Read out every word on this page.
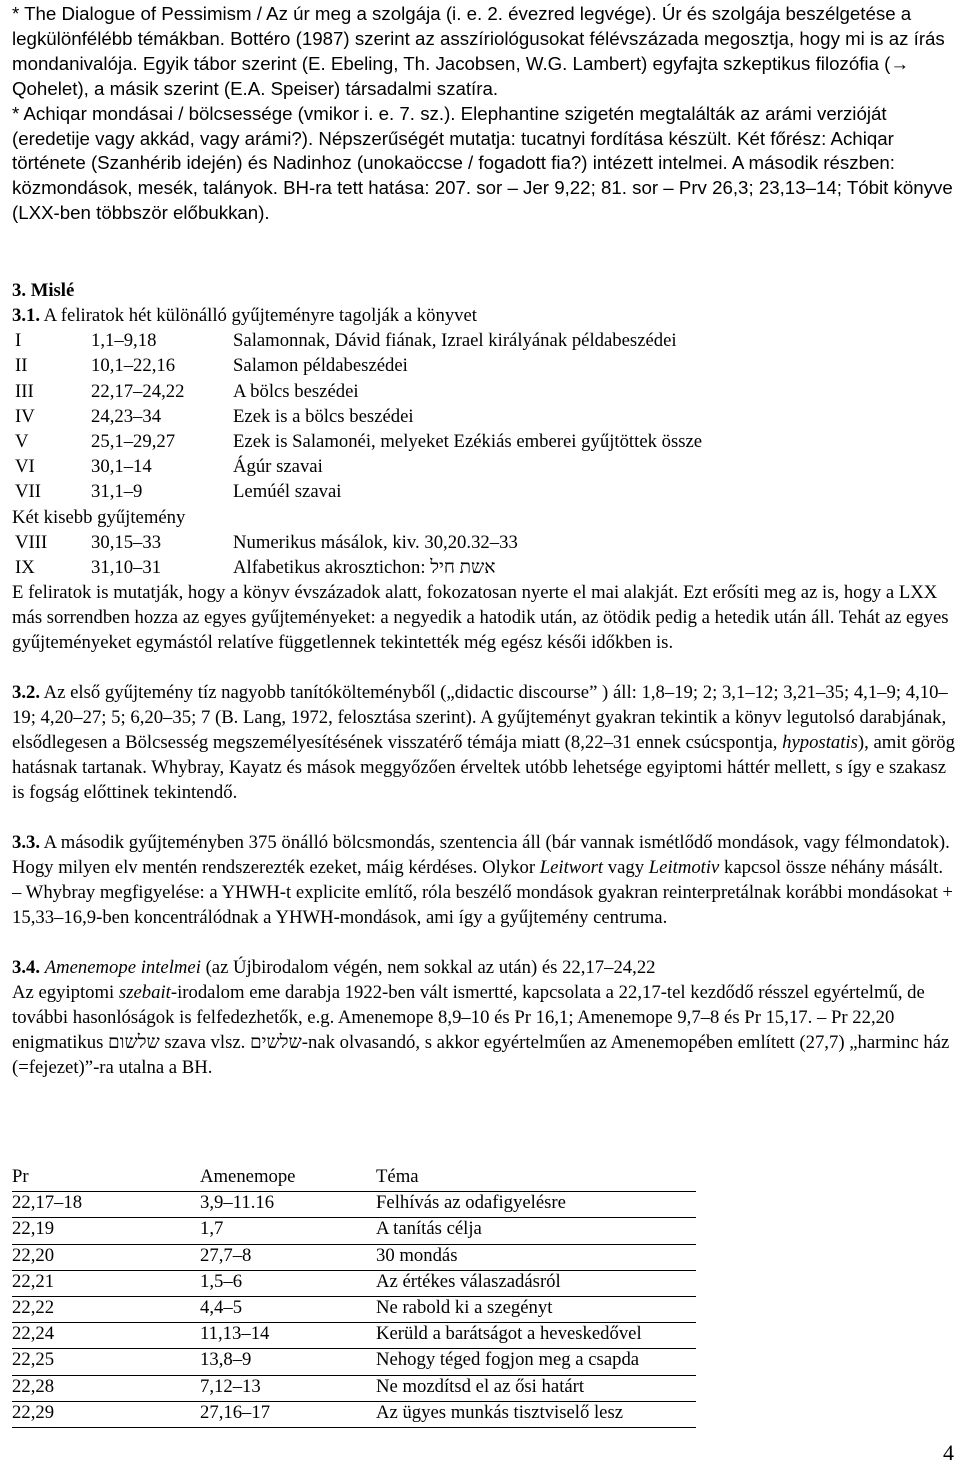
* The Dialogue of Pessimism / Az úr meg a szolgája (i. e. 2. évezred legvége). Úr és szolgája beszélgetése a legkülönfélébb témákban. Bottéro (1987) szerint az asszíriológusokat félévszázada megosztja, hogy mi is az írás mondanivalója. Egyik tábor szerint (E. Ebeling, Th. Jacobsen, W.G. Lambert) egyfajta szkeptikus filozófia (→ Qohelet), a másik szerint (E.A. Speiser) társadalmi szatíra.

* Achiqar mondásai / bölcsessége (vmikor i. e. 7. sz.). Elephantine szigetén megtalálták az arámi verzióját (eredetije vagy akkád, vagy arámi?). Népszerűségét mutatja: tucatnyi fordítása készült. Két főrész: Achiqar története (Szanhérib idején) és Nadinhoz (unokaöccse / fogadott fia?) intézett intelmei. A második részben: közmondások, mesék, talányok. BH-ra tett hatása: 207. sor – Jer 9,22; 81. sor – Prv 26,3; 23,13–14; Tóbit könyve (LXX-ben többször előbukkan).

3. Mislé

3.1. A feliratok hét különálló gyűjteményre tagolják a könyvet

I	1,1–9,18	Salamonnak, Dávid fiának, Izrael királyának példabeszédei
II	10,1–22,16	Salamon példabeszédei
III	22,17–24,22	A bölcs beszédei
IV	24,23–34	Ezek is a bölcs beszédei
V	25,1–29,27	Ezek is Salamonéi, melyeket Ezékiás emberei gyűjtöttek össze
VI	30,1–14	Ágúr szavai
VII	31,1–9	Lemúél szavai
Két kisebb gyűjtemény
VIII 30,15–33	Numerikus másálok, kiv. 30,20.32–33
IX	31,10–31	Alfabetikus akrosztichon: אשת חיל

E feliratok is mutatják, hogy a könyv évszázadok alatt, fokozatosan nyerte el mai alakját. Ezt erősíti meg az is, hogy a LXX más sorrendben hozza az egyes gyűjteményeket: a negyedik a hatodik után, az ötödik pedig a hetedik után áll. Tehát az egyes gyűjteményeket egymástól relatíve függetlennek tekintették még egész késői időkben is.

3.2. Az első gyűjtemény tíz nagyobb tanítókölteményből („didactic discourse” ) áll: 1,8–19; 2; 3,1–12; 3,21–35; 4,1–9; 4,10–19; 4,20–27; 5; 6,20–35; 7 (B. Lang, 1972, felosztása szerint). A gyűjteményt gyakran tekintik a könyv legutolsó darabjának, elsődlegesen a Bölcsesség megszemélyesítésének visszatérő témája miatt (8,22–31 ennek csúcspontja, hypostatis), amit görög hatásnak tartanak. Whybray, Kayatz és mások meggyőzően érveltek utóbb lehetsége egyiptomi háttér mellett, s így e szakasz is fogság előttinek tekintendő.

3.3. A második gyűjteményben 375 önálló bölcsmondás, szentencia áll (bár vannak ismétlődő mondások, vagy félmondatok). Hogy milyen elv mentén rendszerezték ezeket, máig kérdéses. Olykor Leitwort vagy Leitmotiv kapcsol össze néhány másált. – Whybray megfigyelése: a YHWH-t explicite említő, róla beszélő mondások gyakran reinterpretálnak korábbi mondásokat + 15,33–16,9-ben koncentrálódnak a YHWH-mondások, ami így a gyűjtemény centruma.

3.4. Amenemope intelmei (az Újbirodalom végén, nem sokkal az után) és 22,17–24,22

Az egyiptomi szebait-irodalom eme darabja 1922-ben vált ismertté, kapcsolata a 22,17-tel kezdődő résszel egyértelmű, de további hasonlóságok is felfedezhetők, e.g. Amenemope 8,9–10 és Pr 16,1; Amenemope 9,7–8 és Pr 15,17. – Pr 22,20 enigmatikus שלשום szava vlsz. שלשים-nak olvasandó, s akkor egyértelműen az Amenemopében említett (27,7) „harminc ház (=fejezet)”-ra utalna a BH.

Pr	Amenemope	Téma
22,17–18	3,9–11.16	Felhívás az odafigyelésre
22,19	1,7	A tanítás célja
22,20	27,7–8	30 mondás
22,21	1,5–6	Az értékes válaszadásról
22,22	4,4–5	Ne rabold ki a szegényt
22,24	11,13–14	Kerüld a barátságot a heveskedővel
22,25	13,8–9	Nehogy téged fogjon meg a csapda
22,28	7,12–13	Ne mozdítsd el az ősi határt
22,29	27,16–17	Az ügyes munkás tisztviselő lesz
4
